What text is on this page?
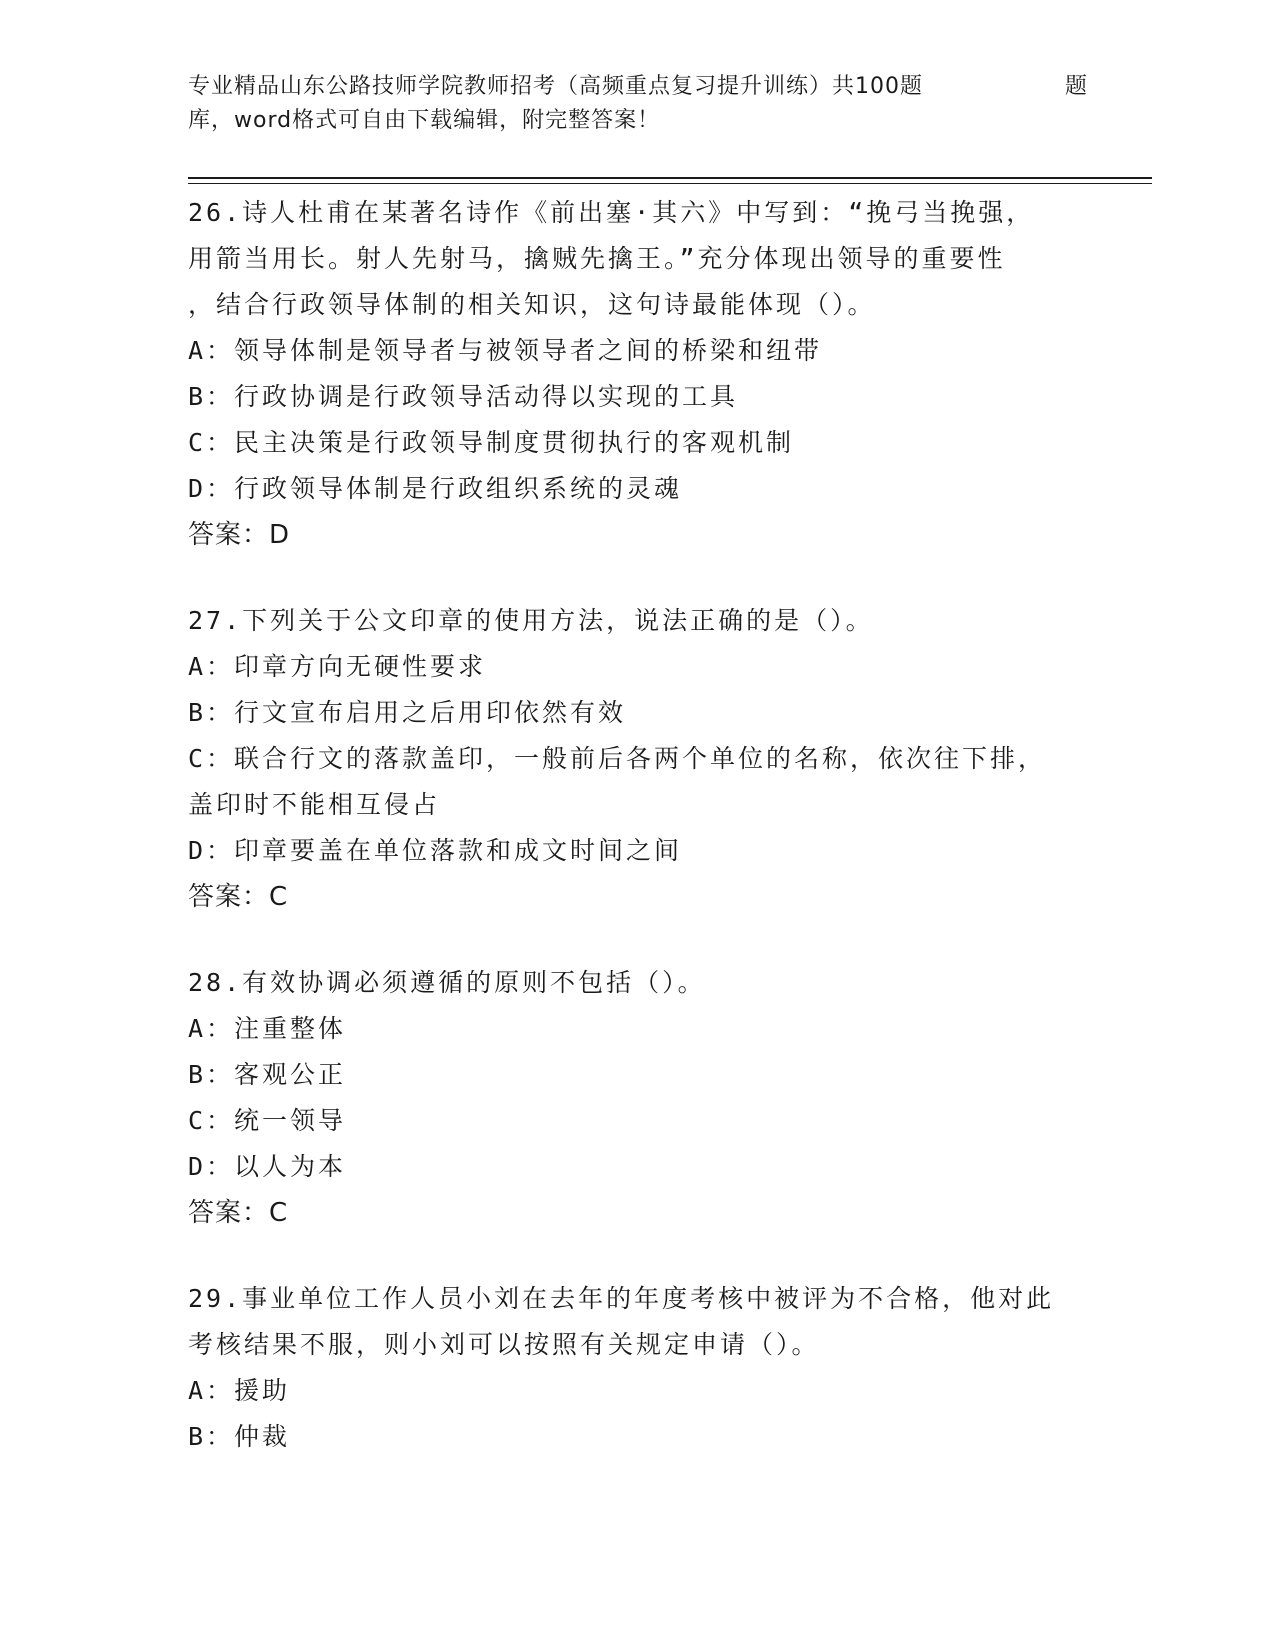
专业精品山东公路技师学院教师招考（高频重点复习提升训练）共100题	题
库，word格式可自由下载编辑，附完整答案！

26.诗人杜甫在某著名诗作《前出塞·其六》中写到：“挽弓当挽强，

用箭当用长。射人先射马，擒贼先擒王。”充分体现出领导的重要性

，结合行政领导体制的相关知识，这句诗最能体现（）。

A：领导体制是领导者与被领导者之间的桥梁和纽带

B：行政协调是行政领导活动得以实现的工具

C：民主决策是行政领导制度贯彻执行的客观机制

D：行政领导体制是行政组织系统的灵魂

答案：D

27.下列关于公文印章的使用方法，说法正确的是（）。

A：印章方向无硬性要求

B：行文宣布启用之后用印依然有效

C：联合行文的落款盖印，一般前后各两个单位的名称，依次往下排，

盖印时不能相互侵占

D：印章要盖在单位落款和成文时间之间

答案：C

28.有效协调必须遵循的原则不包括（）。

A：注重整体

B：客观公正

C：统一领导

D：以人为本

答案：C

29.事业单位工作人员小刘在去年的年度考核中被评为不合格，他对此

考核结果不服，则小刘可以按照有关规定申请（）。

A：援助

B：仲裁
